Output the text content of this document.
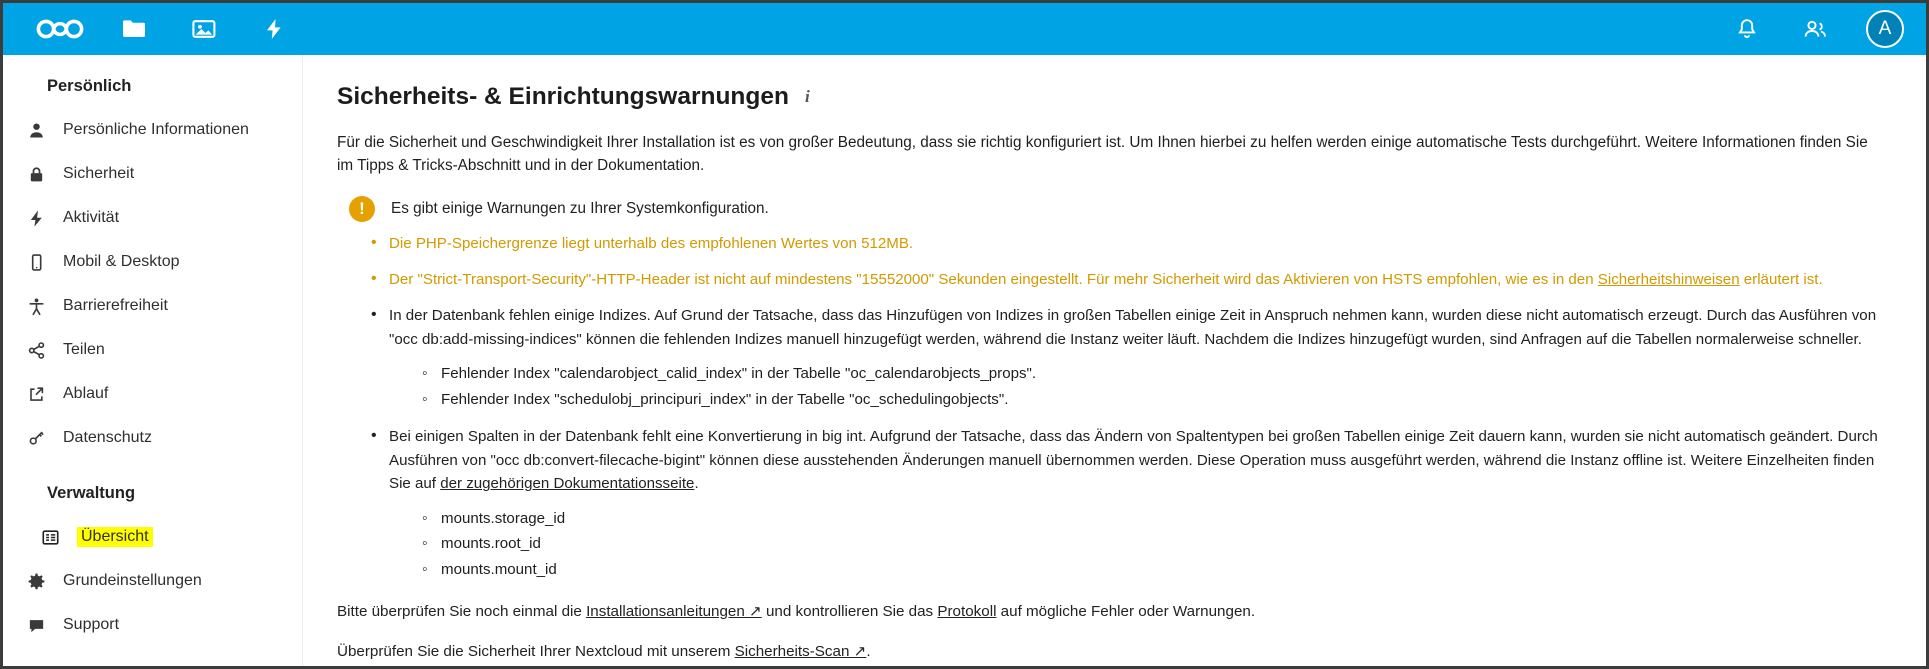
A
Persönlich
Persönliche Informationen
Sicherheit
Aktivität
Mobil & Desktop
Barrierefreiheit
Teilen
Ablauf
Datenschutz
Verwaltung
Übersicht
Grundeinstellungen
Support
Sicherheits- & Einrichtungswarnungen i

Für die Sicherheit und Geschwindigkeit Ihrer Installation ist es von großer Bedeutung, dass sie richtig konfiguriert ist. Um Ihnen hierbei zu helfen werden einige automatische Tests durchgeführt. Weitere Informationen finden Sie im Tipps & Tricks-Abschnitt und in der Dokumentation.

!	Es gibt einige Warnungen zu Ihrer Systemkonfiguration.
• Die PHP-Speichergrenze liegt unterhalb des empfohlenen Wertes von 512MB.
• Der "Strict-Transport-Security"-HTTP-Header ist nicht auf mindestens "15552000" Sekunden eingestellt. Für mehr Sicherheit wird das Aktivieren von HSTS empfohlen, wie es in den Sicherheitshinweisen erläutert ist.
• In der Datenbank fehlen einige Indizes. Auf Grund der Tatsache, dass das Hinzufügen von Indizes in großen Tabellen einige Zeit in Anspruch nehmen kann, wurden diese nicht automatisch erzeugt. Durch das Ausführen von "occ db:add-missing-indices" können die fehlenden Indizes manuell hinzugefügt werden, während die Instanz weiter läuft. Nachdem die Indizes hinzugefügt wurden, sind Anfragen auf die Tabellen normalerweise schneller.
◦ Fehlender Index "calendarobject_calid_index" in der Tabelle "oc_calendarobjects_props".
◦ Fehlender Index "schedulobj_principuri_index" in der Tabelle "oc_schedulingobjects".
• Bei einigen Spalten in der Datenbank fehlt eine Konvertierung in big int. Aufgrund der Tatsache, dass das Ändern von Spaltentypen bei großen Tabellen einige Zeit dauern kann, wurden sie nicht automatisch geändert. Durch Ausführen von "occ db:convert-filecache-bigint" können diese ausstehenden Änderungen manuell übernommen werden. Diese Operation muss ausgeführt werden, während die Instanz offline ist. Weitere Einzelheiten finden Sie auf der zugehörigen Dokumentationsseite.
◦ mounts.storage_id
◦ mounts.root_id
◦ mounts.mount_id

Bitte überprüfen Sie noch einmal die Installationsanleitungen ↗ und kontrollieren Sie das Protokoll auf mögliche Fehler oder Warnungen.

Überprüfen Sie die Sicherheit Ihrer Nextcloud mit unserem Sicherheits-Scan ↗.
